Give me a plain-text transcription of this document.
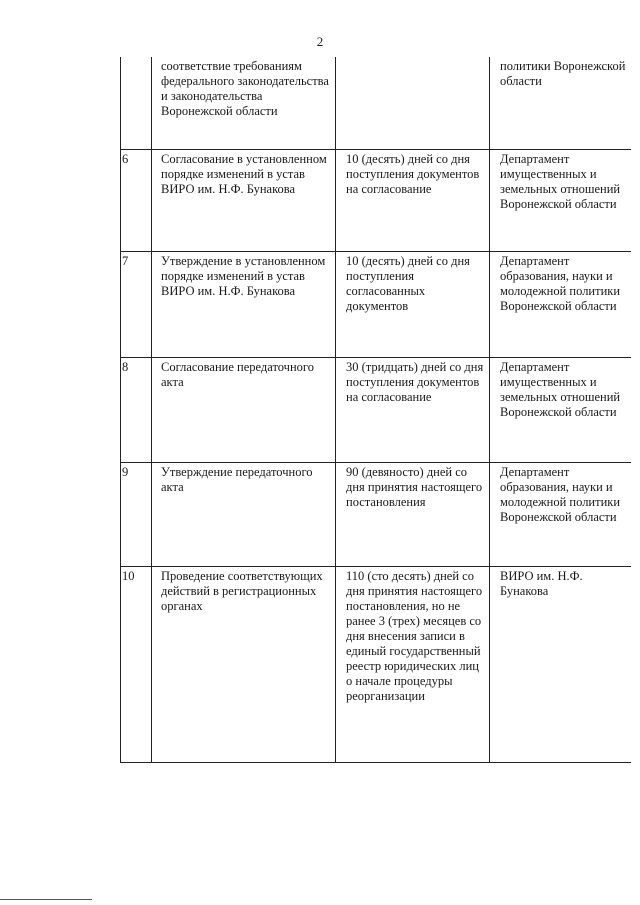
2

	соответствие требованиям федерального законодательства и законодательства Воронежской области		политики Воронежской области

6	Согласование в установленном порядке изменений в устав ВИРО им. Н.Ф. Бунакова	10 (десять) дней со дня поступления документов на согласование	Департамент имущественных и земельных отношений Воронежской области

7	Утверждение в установленном порядке изменений в устав ВИРО им. Н.Ф. Бунакова	10 (десять) дней со дня поступления согласованных документов	Департамент образования, науки и молодежной политики Воронежской области

8	Согласование передаточного акта	30 (тридцать) дней со дня поступления документов на согласование	Департамент имущественных и земельных отношений Воронежской области

9	Утверждение передаточного акта	90 (девяносто) дней со дня принятия настоящего постановления	Департамент образования, науки и молодежной политики Воронежской области

10	Проведение соответствующих действий в регистрационных органах	110 (сто десять) дней со дня принятия настоящего постановления, но не ранее 3 (трех) месяцев со дня внесения записи в единый государственный реестр юридических лиц о начале процедуры реорганизации	ВИРО им. Н.Ф. Бунакова
